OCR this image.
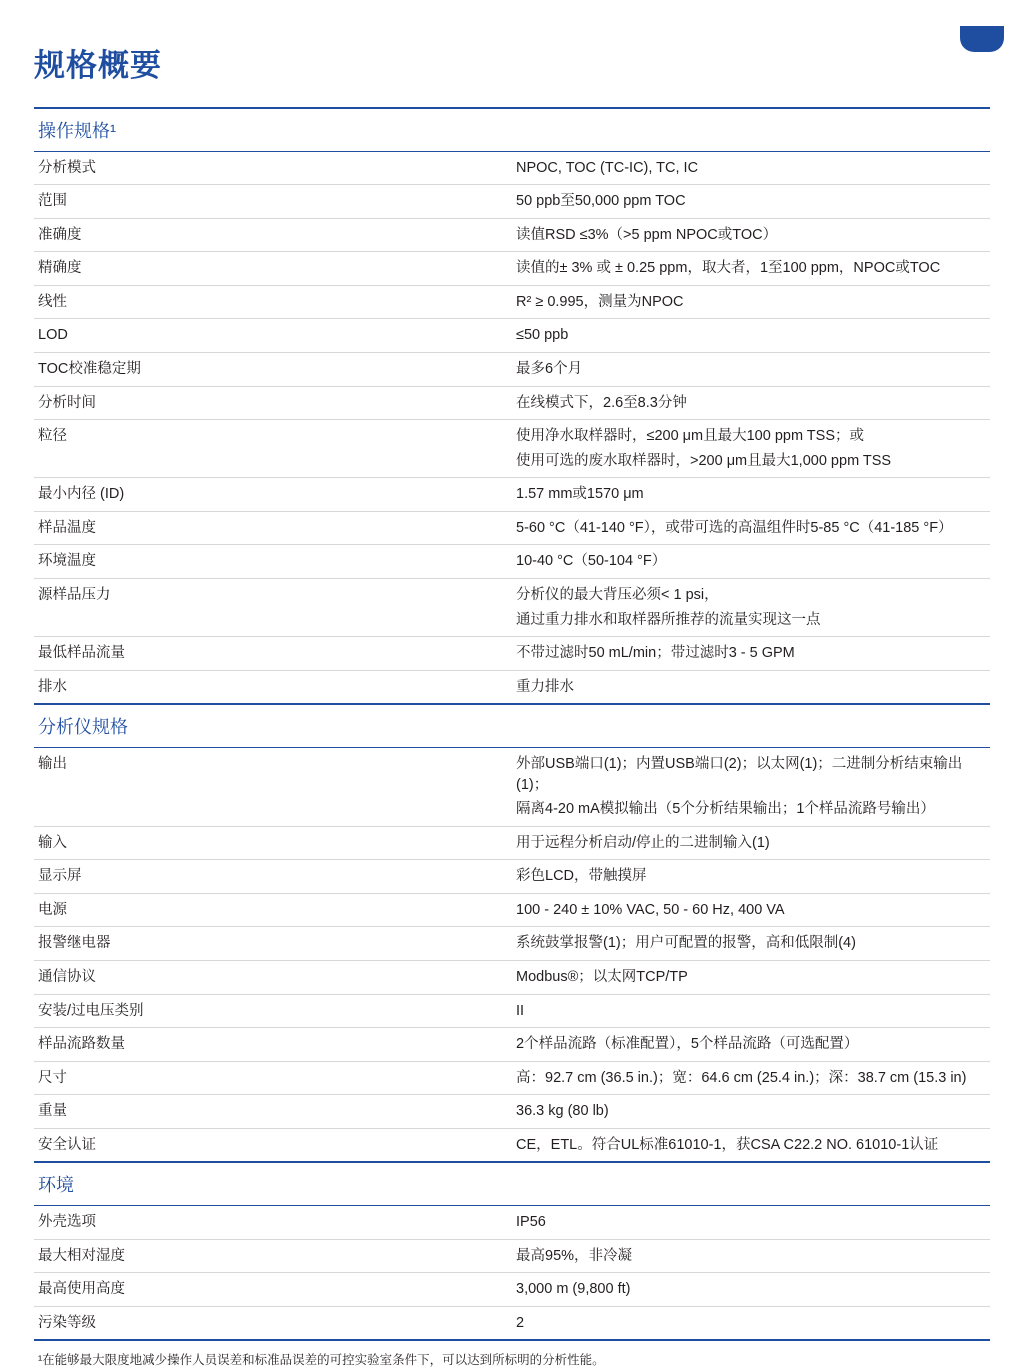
规格概要
操作规格¹	
分析模式	NPOC, TOC (TC-IC), TC, IC

范围	50 ppb至50,000 ppm TOC

准确度	读值RSD ≤3%（>5 ppm NPOC或TOC）

精确度	读值的± 3% 或 ± 0.25 ppm，取大者，1至100 ppm，NPOC或TOC

线性	R² ≥ 0.995，测量为NPOC

LOD	≤50 ppb

TOC校准稳定期	最多6个月

分析时间	在线模式下，2.6至8.3分钟

粒径	使用净水取样器时，≤200 μm且最大100 ppm TSS；或
使用可选的废水取样器时，>200 μm且最大1,000 ppm TSS

最小内径 (ID)	1.57 mm或1570 μm

样品温度	5-60 °C（41-140 °F），或带可选的高温组件时5-85 °C（41-185 °F）

环境温度	10-40 °C（50-104 °F）

源样品压力	分析仪的最大背压必须< 1 psi，
通过重力排水和取样器所推荐的流量实现这一点

最低样品流量	不带过滤时50 mL/min；带过滤时3 - 5 GPM

排水	重力排水

分析仪规格	
输出	外部USB端口(1)；内置USB端口(2)；以太网(1)；二进制分析结束输出(1)；
隔离4-20 mA模拟输出（5个分析结果输出；1个样品流路号输出）

输入	用于远程分析启动/停止的二进制输入(1)

显示屏	彩色LCD，带触摸屏

电源	100 - 240 ± 10% VAC, 50 - 60 Hz, 400 VA

报警继电器	系统鼓掌报警(1)；用户可配置的报警，高和低限制(4)

通信协议	Modbus®；以太网TCP/TP

安装/过电压类别	II

样品流路数量	2个样品流路（标准配置），5个样品流路（可选配置）

尺寸	高：92.7 cm (36.5 in.)；宽：64.6 cm (25.4 in.)；深：38.7 cm (15.3 in)

重量	36.3 kg (80 lb)

安全认证	CE，ETL。符合UL标准61010-1，获CSA C22.2 NO. 61010-1认证

环境	
外壳选项	IP56

最大相对湿度	最高95%，非冷凝

最高使用高度	3,000 m (9,800 ft)

污染等级	2

¹在能够最大限度地减少操作人员误差和标准品误差的可控实验室条件下，可以达到所标明的分析性能。
